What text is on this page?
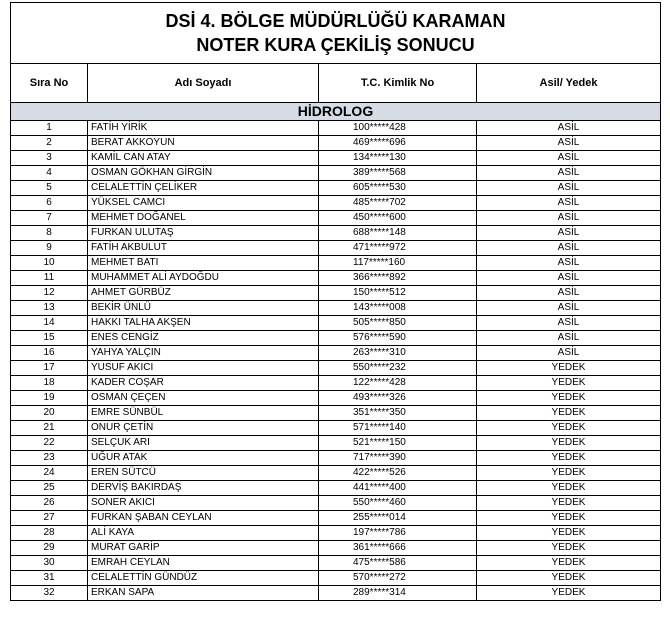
DSİ 4. BÖLGE MÜDÜRLÜĞÜ KARAMAN
NOTER KURA ÇEKİLİŞ SONUCU			

Sıra No	Adı Soyadı	T.C. Kimlik No	Asil/ Yedek
HİDROLOG			
1	FATİH YİRİK	100*****428	ASİL
2	BERAT AKKOYUN	469*****696	ASİL
3	KAMİL CAN ATAY	134*****130	ASİL
4	OSMAN GÖKHAN GİRGİN	389*****568	ASİL
5	CELALETTİN ÇELİKER	605*****530	ASİL
6	YÜKSEL CAMCI	485*****702	ASİL
7	MEHMET DOĞANEL	450*****600	ASİL
8	FURKAN ULUTAŞ	688*****148	ASİL
9	FATİH AKBULUT	471*****972	ASİL
10	MEHMET BATI	117*****160	ASİL
11	MUHAMMET ALİ AYDOĞDU	366*****892	ASİL
12	AHMET GÜRBÜZ	150*****512	ASİL
13	BEKİR ÜNLÜ	143*****008	ASİL
14	HAKKI TALHA AKŞEN	505*****850	ASİL
15	ENES CENGİZ	576*****590	ASİL
16	YAHYA YALÇIN	263*****310	ASİL
17	YUSUF AKICI	550*****232	YEDEK
18	KADER COŞAR	122*****428	YEDEK
19	OSMAN ÇEÇEN	493*****326	YEDEK
20	EMRE SÜNBÜL	351*****350	YEDEK
21	ONUR ÇETİN	571*****140	YEDEK
22	SELÇUK ARI	521*****150	YEDEK
23	UĞUR ATAK	717*****390	YEDEK
24	EREN SÜTCÜ	422*****526	YEDEK
25	DERVİŞ BAKIRDAŞ	441*****400	YEDEK
26	SONER AKICI	550*****460	YEDEK
27	FURKAN ŞABAN CEYLAN	255*****014	YEDEK
28	ALİ KAYA	197*****786	YEDEK
29	MURAT GARİP	361*****666	YEDEK
30	EMRAH CEYLAN	475*****586	YEDEK
31	CELALETTİN GÜNDÜZ	570*****272	YEDEK
32	ERKAN SAPA	289*****314	YEDEK
